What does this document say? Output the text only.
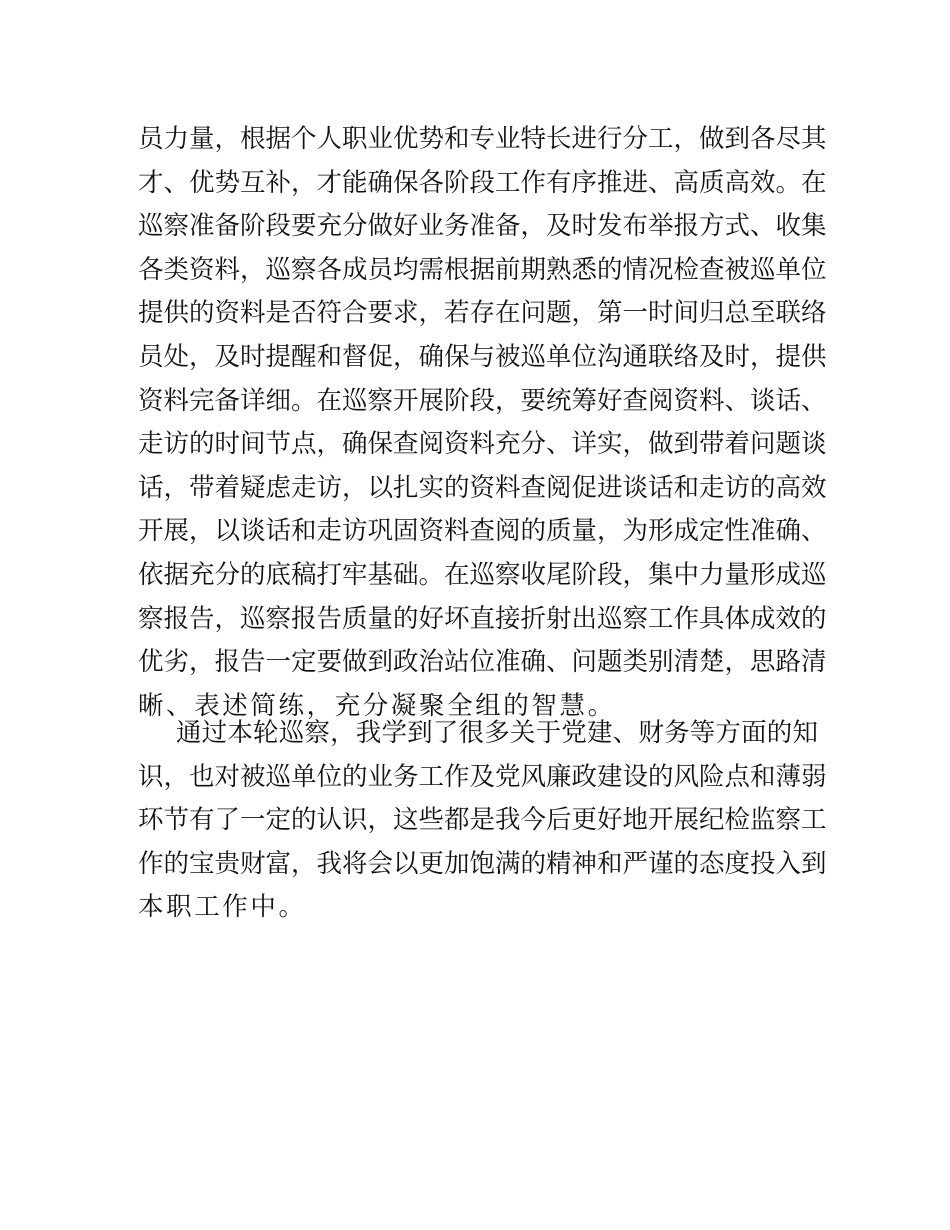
员力量，根据个人职业优势和专业特长进行分工，做到各尽其
才、优势互补，才能确保各阶段工作有序推进、高质高效。在
巡察准备阶段要充分做好业务准备，及时发布举报方式、收集
各类资料，巡察各成员均需根据前期熟悉的情况检查被巡单位
提供的资料是否符合要求，若存在问题，第一时间归总至联络
员处，及时提醒和督促，确保与被巡单位沟通联络及时，提供
资料完备详细。在巡察开展阶段，要统筹好查阅资料、谈话、
走访的时间节点，确保查阅资料充分、详实，做到带着问题谈
话，带着疑虑走访，以扎实的资料查阅促进谈话和走访的高效
开展，以谈话和走访巩固资料查阅的质量，为形成定性准确、
依据充分的底稿打牢基础。在巡察收尾阶段，集中力量形成巡
察报告，巡察报告质量的好坏直接折射出巡察工作具体成效的
优劣，报告一定要做到政治站位准确、问题类别清楚，思路清
晰、表述简练，充分凝聚全组的智慧。
通过本轮巡察，我学到了很多关于党建、财务等方面的知
识，也对被巡单位的业务工作及党风廉政建设的风险点和薄弱
环节有了一定的认识，这些都是我今后更好地开展纪检监察工
作的宝贵财富，我将会以更加饱满的精神和严谨的态度投入到
本职工作中。
